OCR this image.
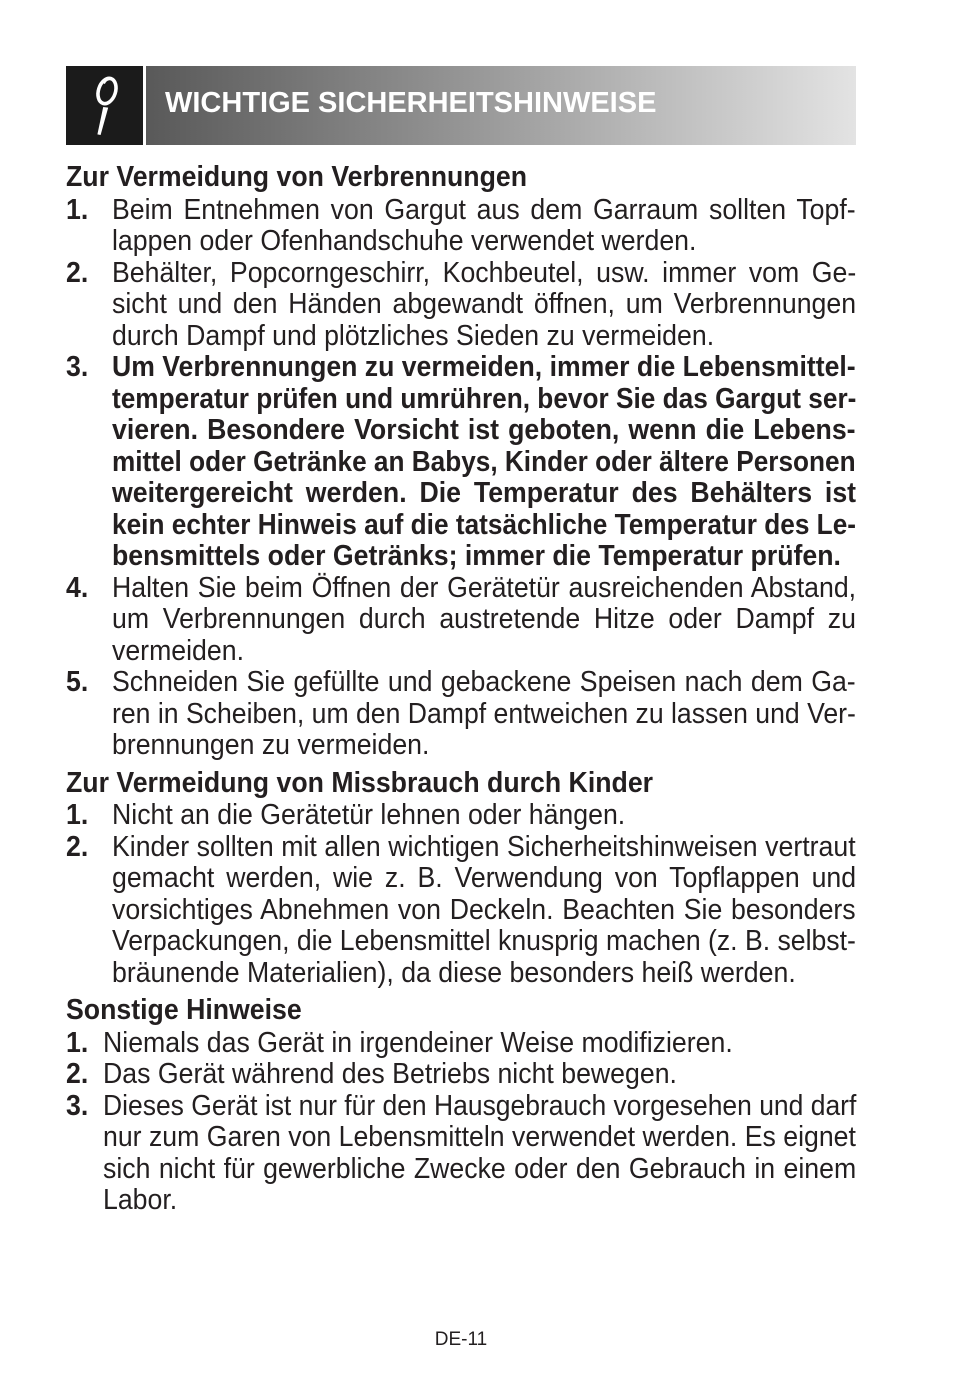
WICHTIGE SICHERHEITSHINWEISE
Zur Vermeidung von Verbrennungen
1. Beim Entnehmen von Gargut aus dem Garraum sollten Topf-
lappen oder Ofenhandschuhe verwendet werden.
2. Behälter, Popcorngeschirr, Kochbeutel, usw. immer vom Ge-
sicht und den Händen abgewandt öffnen, um Verbrennungen
durch Dampf und plötzliches Sieden zu vermeiden.
3. Um Verbrennungen zu vermeiden, immer die Lebensmittel-
temperatur prüfen und umrühren, bevor Sie das Gargut ser-
vieren. Besondere Vorsicht ist geboten, wenn die Lebens-
mittel oder Getränke an Babys, Kinder oder ältere Personen
weitergereicht werden. Die Temperatur des Behälters ist
kein echter Hinweis auf die tatsächliche Temperatur des Le-
bensmittels oder Getränks; immer die Temperatur prüfen.
4. Halten Sie beim Öffnen der Gerätetür ausreichenden Abstand,
um Verbrennungen durch austretende Hitze oder Dampf zu
vermeiden.
5. Schneiden Sie gefüllte und gebackene Speisen nach dem Ga-
ren in Scheiben, um den Dampf entweichen zu lassen und Ver-
brennungen zu vermeiden.
Zur Vermeidung von Missbrauch durch Kinder
1. Nicht an die Gerätetür lehnen oder hängen.
2. Kinder sollten mit allen wichtigen Sicherheitshinweisen vertraut
gemacht werden, wie z. B. Verwendung von Topflappen und
vorsichtiges Abnehmen von Deckeln. Beachten Sie besonders
Verpackungen, die Lebensmittel knusprig machen (z. B. selbst-
bräunende Materialien), da diese besonders heiß werden.
Sonstige Hinweise
1. Niemals das Gerät in irgendeiner Weise modifizieren.
2. Das Gerät während des Betriebs nicht bewegen.
3. Dieses Gerät ist nur für den Hausgebrauch vorgesehen und darf
nur zum Garen von Lebensmitteln verwendet werden. Es eignet
sich nicht für gewerbliche Zwecke oder den Gebrauch in einem
Labor.
DE-11
